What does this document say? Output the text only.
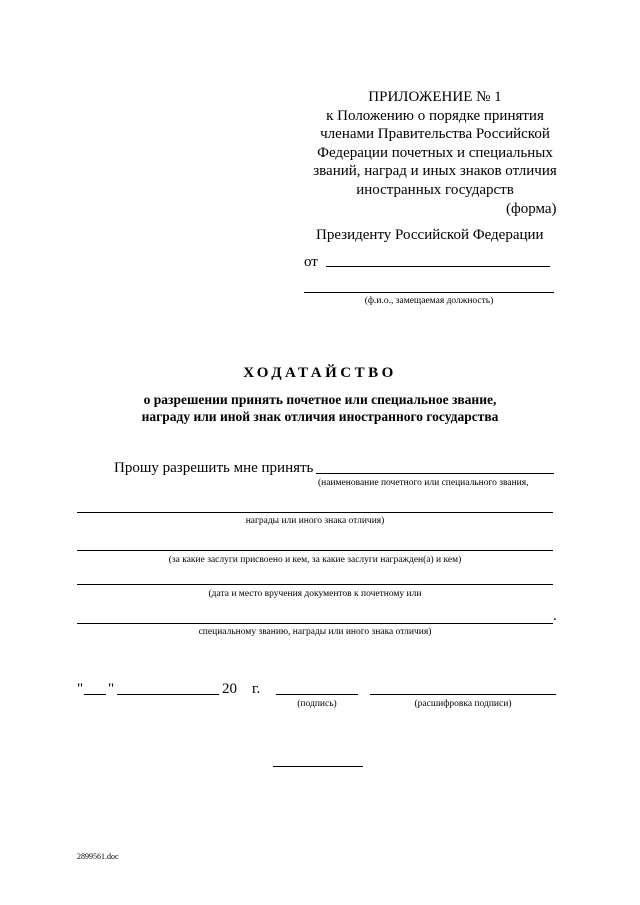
ПРИЛОЖЕНИЕ № 1
к Положению о порядке принятия
членами Правительства Российской
Федерации почетных и специальных
званий, наград и иных знаков отличия
иностранных государств
(форма)
Президенту Российской Федерации
от
(ф.и.о., замещаемая должность)
ХОДАТАЙСТВО
о разрешении принять почетное или специальное звание,
награду или иной знак отличия иностранного государства
Прошу разрешить мне принять
(наименование почетного или специального звания,
награды или иного знака отличия)
(за какие заслуги присвоено и кем, за какие заслуги награжден(а) и кем)
(дата и место вручения документов к почетному или
.
специальному званию, награды или иного знака отличия)
" "	20 г.
(подпись)	(расшифровка подписи)
2899561.doc
